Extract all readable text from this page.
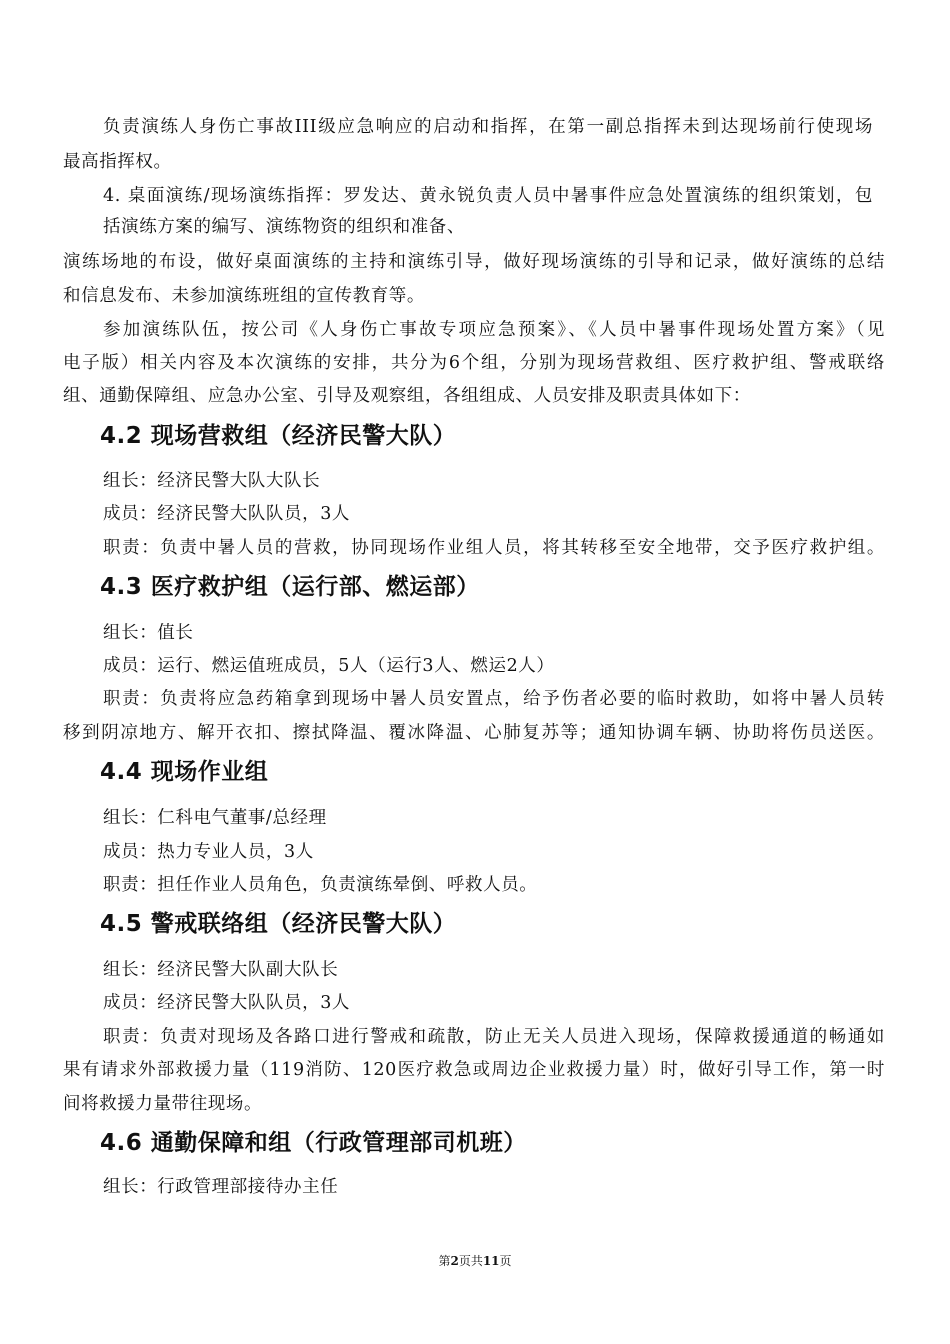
负责演练人身伤亡事故III级应急响应的启动和指挥，在第一副总指挥未到达现场前行使现场
最高指挥权。
4. 桌面演练/现场演练指挥：罗发达、黄永锐负责人员中暑事件应急处置演练的组织策划，包
括演练方案的编写、演练物资的组织和准备、
演练场地的布设，做好桌面演练的主持和演练引导，做好现场演练的引导和记录，做好演练的总结
和信息发布、未参加演练班组的宣传教育等。
参加演练队伍，按公司《人身伤亡事故专项应急预案》、《人员中暑事件现场处置方案》（见
电子版）相关内容及本次演练的安排，共分为6个组，分别为现场营救组、医疗救护组、警戒联络
组、通勤保障组、应急办公室、引导及观察组，各组组成、人员安排及职责具体如下：
4.2 现场营救组（经济民警大队）
组长：经济民警大队大队长
成员：经济民警大队队员，3人
职责：负责中暑人员的营救，协同现场作业组人员，将其转移至安全地带，交予医疗救护组。
4.3 医疗救护组（运行部、燃运部）
组长：值长
成员：运行、燃运值班成员，5人（运行3人、燃运2人）
职责：负责将应急药箱拿到现场中暑人员安置点，给予伤者必要的临时救助，如将中暑人员转
移到阴凉地方、解开衣扣、擦拭降温、覆冰降温、心肺复苏等；通知协调车辆、协助将伤员送医。
4.4 现场作业组
组长：仁科电气董事/总经理
成员：热力专业人员，3人
职责：担任作业人员角色，负责演练晕倒、呼救人员。
4.5 警戒联络组（经济民警大队）
组长：经济民警大队副大队长
成员：经济民警大队队员，3人
职责：负责对现场及各路口进行警戒和疏散，防止无关人员进入现场，保障救援通道的畅通如
果有请求外部救援力量（119消防、120医疗救急或周边企业救援力量）时，做好引导工作，第一时
间将救援力量带往现场。
4.6 通勤保障和组（行政管理部司机班）
组长：行政管理部接待办主任
第2页共11页
